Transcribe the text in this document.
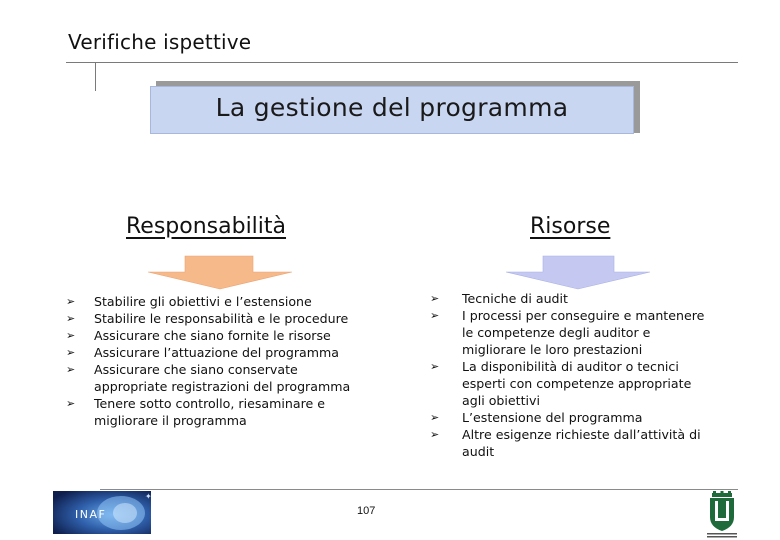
Verifiche ispettive
La gestione del programma
Responsabilità	Risorse
➢ Stabilire gli obiettivi e l’estensione
➢ Stabilire le responsabilità e le procedure
➢ Assicurare che siano fornite le risorse
➢ Assicurare l’attuazione del programma
➢ Assicurare che siano conservate
appropriate registrazioni del programma
➢ Tenere sotto controllo, riesaminare e
migliorare il programma
➢ Tecniche di audit
➢ I processi per conseguire e mantenere
le competenze degli auditor e
migliorare le loro prestazioni
➢ La disponibilità di auditor o tecnici
esperti con competenze appropriate
agli obiettivi
➢ L’estensione del programma
➢ Altre esigenze richieste dall’attività di
audit
INAF
✦
107
